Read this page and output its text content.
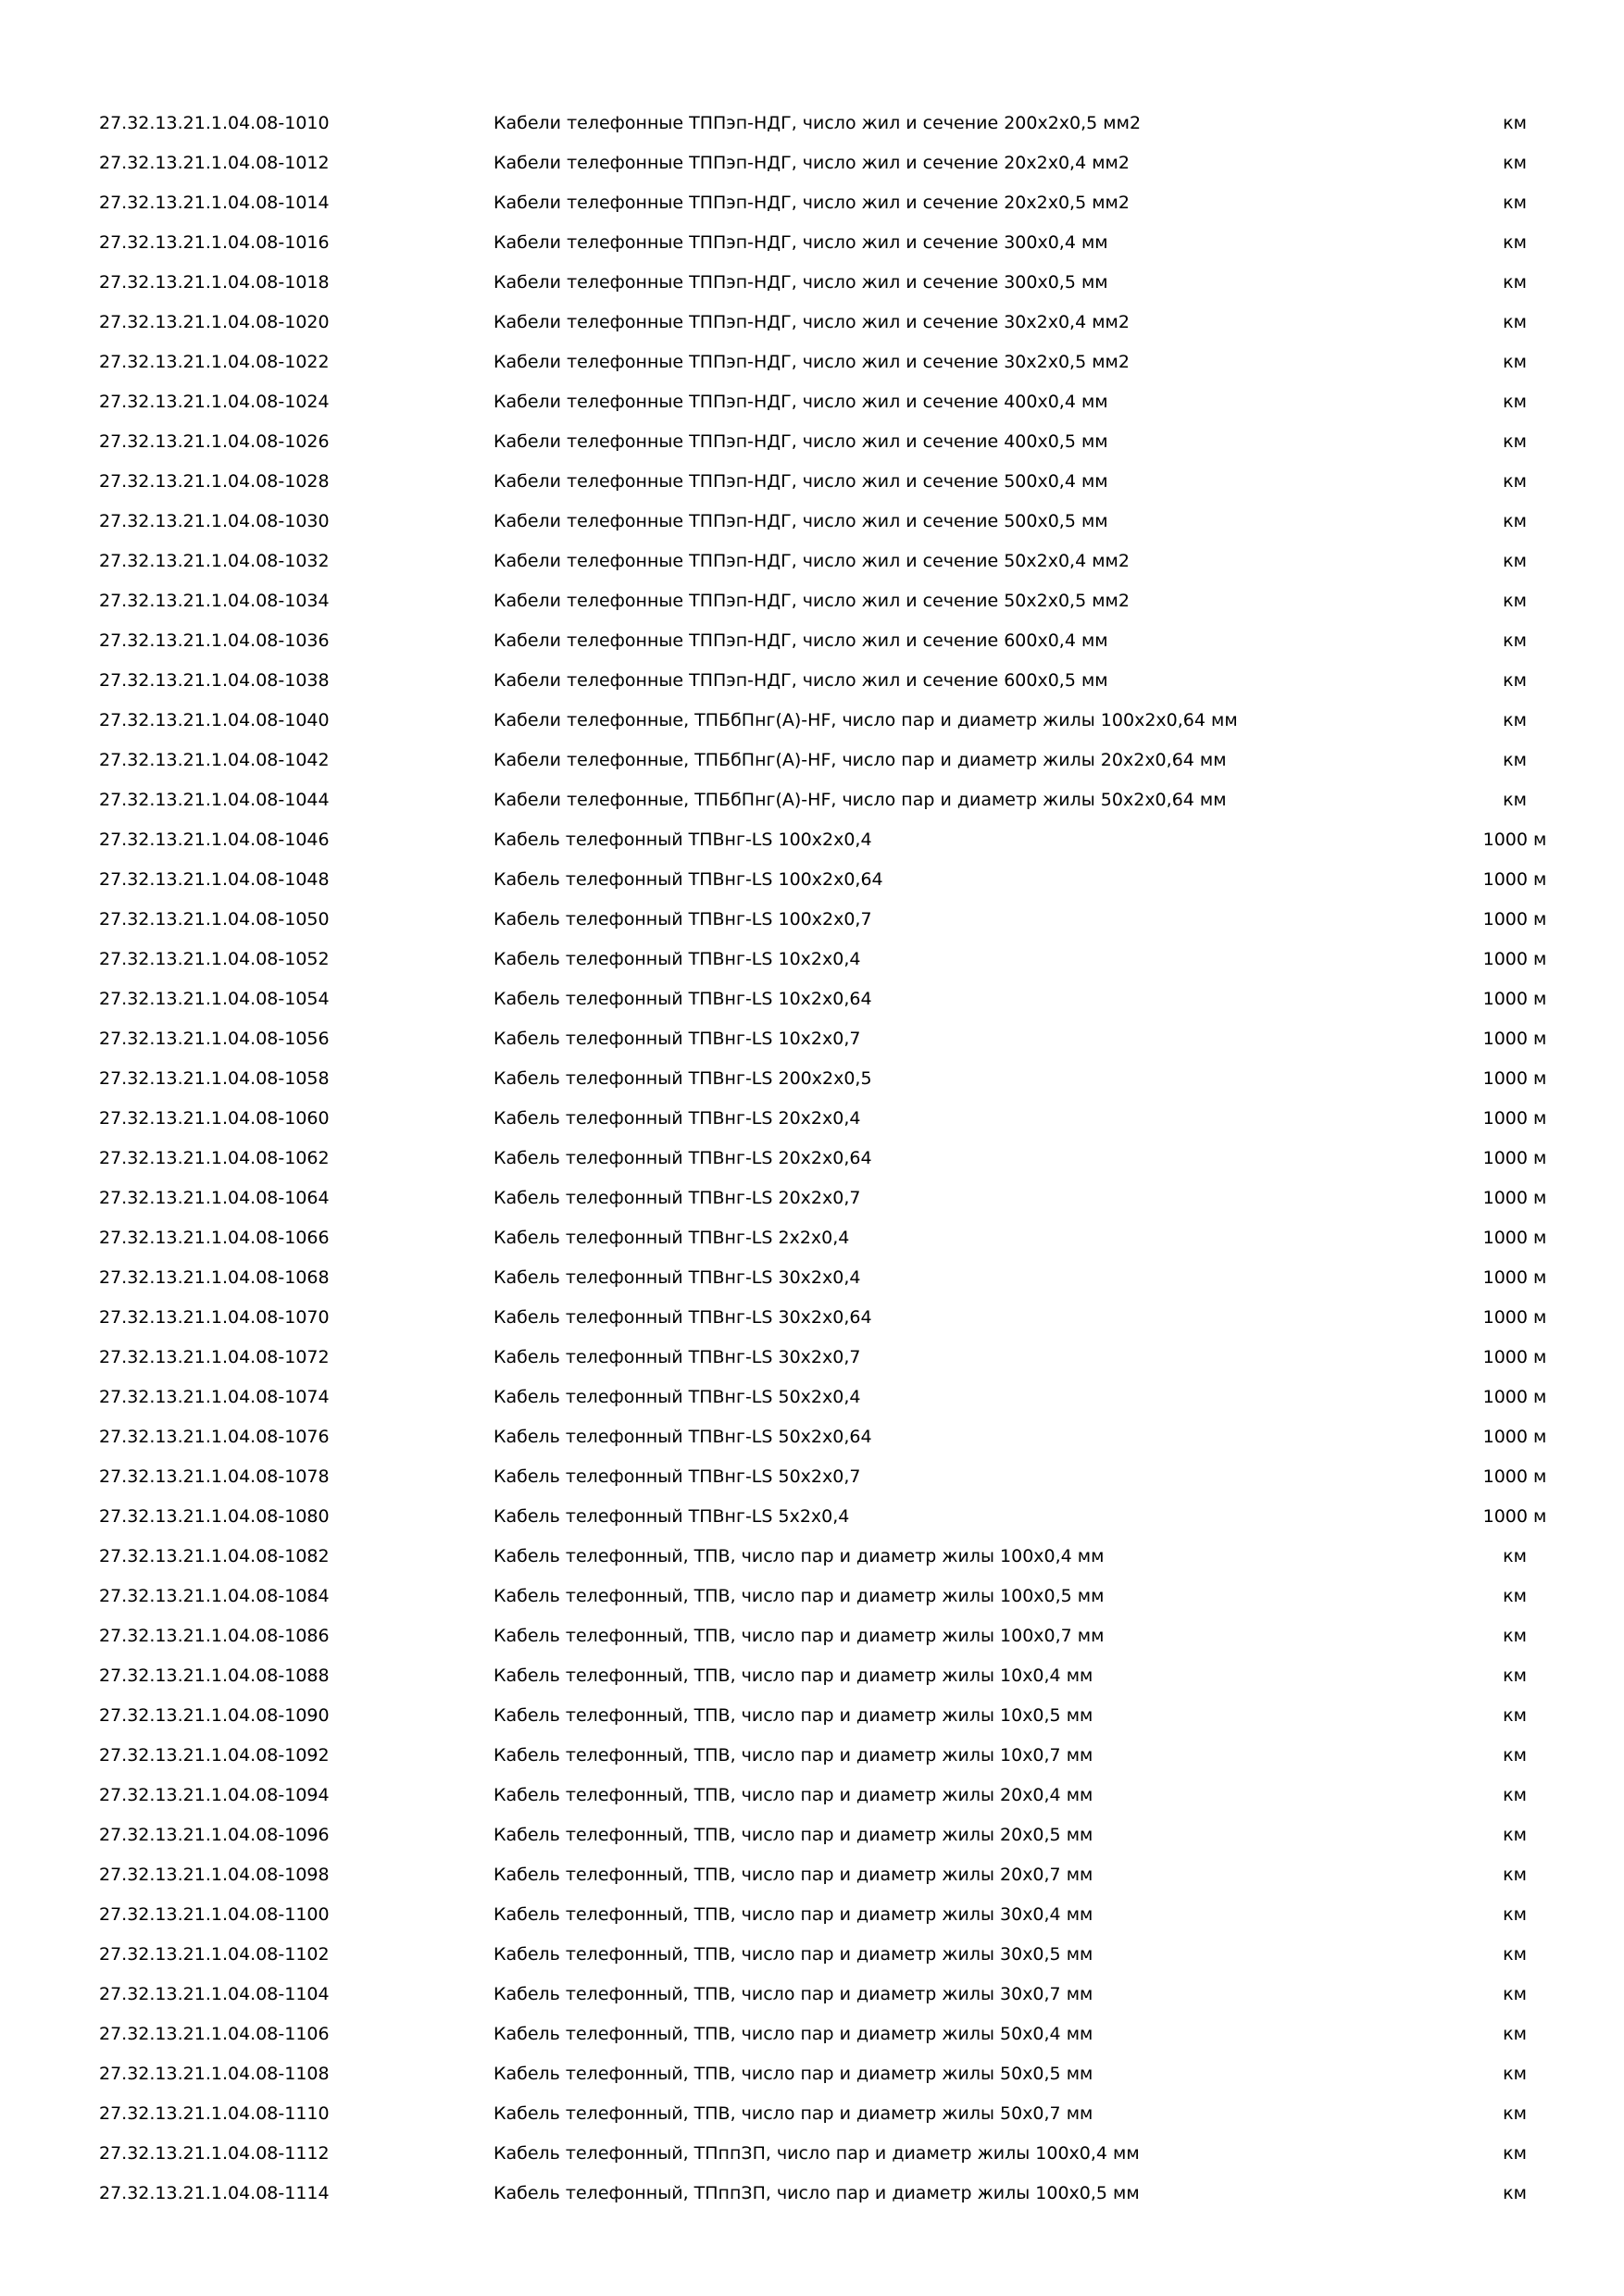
27.32.13.21.1.04.08-1010	Кабели телефонные ТППэп-НДГ, число жил и сечение 200х2х0,5 мм2	км
27.32.13.21.1.04.08-1012	Кабели телефонные ТППэп-НДГ, число жил и сечение 20х2х0,4 мм2	км
27.32.13.21.1.04.08-1014	Кабели телефонные ТППэп-НДГ, число жил и сечение 20х2х0,5 мм2	км
27.32.13.21.1.04.08-1016	Кабели телефонные ТППэп-НДГ, число жил и сечение 300х0,4 мм	км
27.32.13.21.1.04.08-1018	Кабели телефонные ТППэп-НДГ, число жил и сечение 300х0,5 мм	км
27.32.13.21.1.04.08-1020	Кабели телефонные ТППэп-НДГ, число жил и сечение 30х2х0,4 мм2	км
27.32.13.21.1.04.08-1022	Кабели телефонные ТППэп-НДГ, число жил и сечение 30х2х0,5 мм2	км
27.32.13.21.1.04.08-1024	Кабели телефонные ТППэп-НДГ, число жил и сечение 400х0,4 мм	км
27.32.13.21.1.04.08-1026	Кабели телефонные ТППэп-НДГ, число жил и сечение 400х0,5 мм	км
27.32.13.21.1.04.08-1028	Кабели телефонные ТППэп-НДГ, число жил и сечение 500х0,4 мм	км
27.32.13.21.1.04.08-1030	Кабели телефонные ТППэп-НДГ, число жил и сечение 500х0,5 мм	км
27.32.13.21.1.04.08-1032	Кабели телефонные ТППэп-НДГ, число жил и сечение 50х2х0,4 мм2	км
27.32.13.21.1.04.08-1034	Кабели телефонные ТППэп-НДГ, число жил и сечение 50х2х0,5 мм2	км
27.32.13.21.1.04.08-1036	Кабели телефонные ТППэп-НДГ, число жил и сечение 600х0,4 мм	км
27.32.13.21.1.04.08-1038	Кабели телефонные ТППэп-НДГ, число жил и сечение 600х0,5 мм	км
27.32.13.21.1.04.08-1040	Кабели телефонные, ТПБбПнг(А)-HF, число пар и диаметр жилы 100х2х0,64 мм	км
27.32.13.21.1.04.08-1042	Кабели телефонные, ТПБбПнг(А)-HF, число пар и диаметр жилы 20х2х0,64 мм	км
27.32.13.21.1.04.08-1044	Кабели телефонные, ТПБбПнг(А)-HF, число пар и диаметр жилы 50х2х0,64 мм	км
27.32.13.21.1.04.08-1046	Кабель телефонный ТПВнг-LS 100х2х0,4	1000 м
27.32.13.21.1.04.08-1048	Кабель телефонный ТПВнг-LS 100х2х0,64	1000 м
27.32.13.21.1.04.08-1050	Кабель телефонный ТПВнг-LS 100х2х0,7	1000 м
27.32.13.21.1.04.08-1052	Кабель телефонный ТПВнг-LS 10х2х0,4	1000 м
27.32.13.21.1.04.08-1054	Кабель телефонный ТПВнг-LS 10х2х0,64	1000 м
27.32.13.21.1.04.08-1056	Кабель телефонный ТПВнг-LS 10х2х0,7	1000 м
27.32.13.21.1.04.08-1058	Кабель телефонный ТПВнг-LS 200х2х0,5	1000 м
27.32.13.21.1.04.08-1060	Кабель телефонный ТПВнг-LS 20х2х0,4	1000 м
27.32.13.21.1.04.08-1062	Кабель телефонный ТПВнг-LS 20х2х0,64	1000 м
27.32.13.21.1.04.08-1064	Кабель телефонный ТПВнг-LS 20х2х0,7	1000 м
27.32.13.21.1.04.08-1066	Кабель телефонный ТПВнг-LS 2х2х0,4	1000 м
27.32.13.21.1.04.08-1068	Кабель телефонный ТПВнг-LS 30х2х0,4	1000 м
27.32.13.21.1.04.08-1070	Кабель телефонный ТПВнг-LS 30х2х0,64	1000 м
27.32.13.21.1.04.08-1072	Кабель телефонный ТПВнг-LS 30х2х0,7	1000 м
27.32.13.21.1.04.08-1074	Кабель телефонный ТПВнг-LS 50х2х0,4	1000 м
27.32.13.21.1.04.08-1076	Кабель телефонный ТПВнг-LS 50х2х0,64	1000 м
27.32.13.21.1.04.08-1078	Кабель телефонный ТПВнг-LS 50х2х0,7	1000 м
27.32.13.21.1.04.08-1080	Кабель телефонный ТПВнг-LS 5х2х0,4	1000 м
27.32.13.21.1.04.08-1082	Кабель телефонный, ТПВ, число пар и диаметр жилы 100х0,4 мм	км
27.32.13.21.1.04.08-1084	Кабель телефонный, ТПВ, число пар и диаметр жилы 100х0,5 мм	км
27.32.13.21.1.04.08-1086	Кабель телефонный, ТПВ, число пар и диаметр жилы 100х0,7 мм	км
27.32.13.21.1.04.08-1088	Кабель телефонный, ТПВ, число пар и диаметр жилы 10х0,4 мм	км
27.32.13.21.1.04.08-1090	Кабель телефонный, ТПВ, число пар и диаметр жилы 10х0,5 мм	км
27.32.13.21.1.04.08-1092	Кабель телефонный, ТПВ, число пар и диаметр жилы 10х0,7 мм	км
27.32.13.21.1.04.08-1094	Кабель телефонный, ТПВ, число пар и диаметр жилы 20х0,4 мм	км
27.32.13.21.1.04.08-1096	Кабель телефонный, ТПВ, число пар и диаметр жилы 20х0,5 мм	км
27.32.13.21.1.04.08-1098	Кабель телефонный, ТПВ, число пар и диаметр жилы 20х0,7 мм	км
27.32.13.21.1.04.08-1100	Кабель телефонный, ТПВ, число пар и диаметр жилы 30х0,4 мм	км
27.32.13.21.1.04.08-1102	Кабель телефонный, ТПВ, число пар и диаметр жилы 30х0,5 мм	км
27.32.13.21.1.04.08-1104	Кабель телефонный, ТПВ, число пар и диаметр жилы 30х0,7 мм	км
27.32.13.21.1.04.08-1106	Кабель телефонный, ТПВ, число пар и диаметр жилы 50х0,4 мм	км
27.32.13.21.1.04.08-1108	Кабель телефонный, ТПВ, число пар и диаметр жилы 50х0,5 мм	км
27.32.13.21.1.04.08-1110	Кабель телефонный, ТПВ, число пар и диаметр жилы 50х0,7 мм	км
27.32.13.21.1.04.08-1112	Кабель телефонный, ТПппЗП, число пар и диаметр жилы 100х0,4 мм	км
27.32.13.21.1.04.08-1114	Кабель телефонный, ТПппЗП, число пар и диаметр жилы 100х0,5 мм	км
